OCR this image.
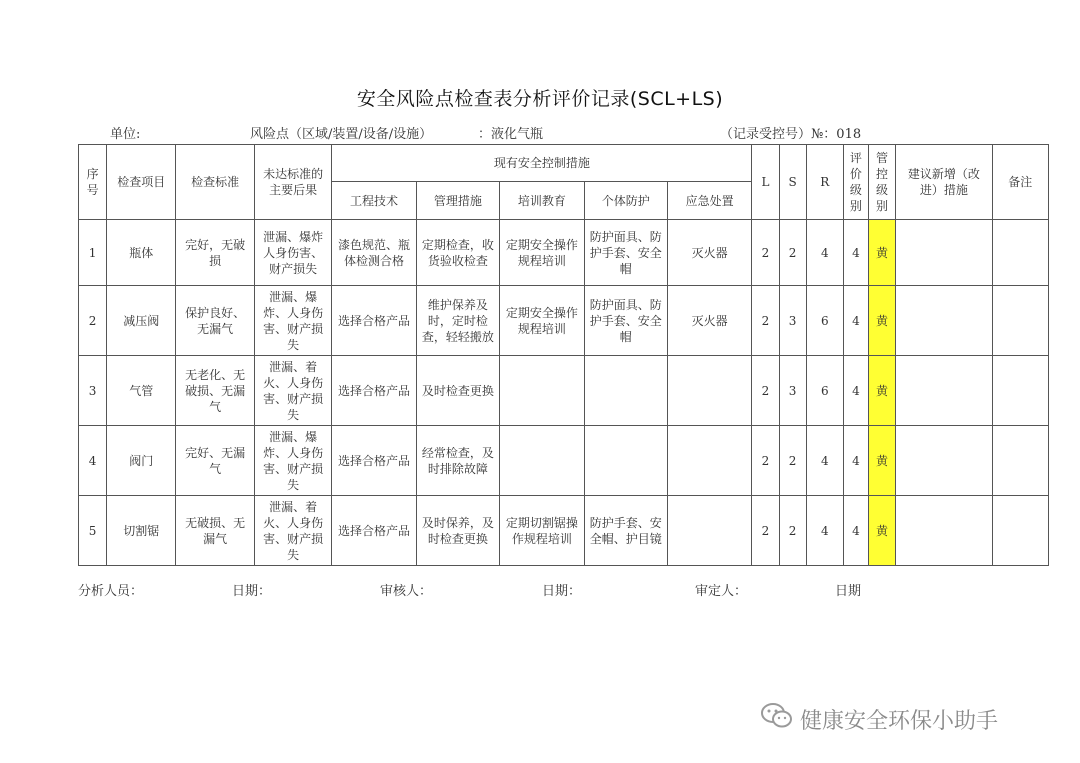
安全风险点检查表分析评价记录(SCL+LS)
单位:	风险点（区域/装置/设备/设施）	：液化气瓶	（记录受控号）№：018
序号	检查项目	检查标准	未达标准的主要后果	现有安全控制措施					L	S	R	评价级别	管控级别	建议新增（改进）措施	备注
				工程技术	管理措施	培训教育	个体防护	应急处置							
1	瓶体	完好，无破损	泄漏、爆炸人身伤害、财产损失	漆色规范、瓶体检测合格	定期检查，收货验收检查	定期安全操作规程培训	防护面具、防护手套、安全帽	灭火器	2	2	4	4	黄		
2	减压阀	保护良好、无漏气	泄漏、爆炸、人身伤害、财产损失	选择合格产品	维护保养及时，定时检查，轻轻搬放	定期安全操作规程培训	防护面具、防护手套、安全帽	灭火器	2	3	6	4	黄		
3	气管	无老化、无破损、无漏气	泄漏、着火、人身伤害、财产损失	选择合格产品	及时检查更换				2	3	6	4	黄		
4	阀门	完好、无漏气	泄漏、爆炸、人身伤害、财产损失	选择合格产品	经常检查，及时排除故障				2	2	4	4	黄		
5	切割锯	无破损、无漏气	泄漏、着火、人身伤害、财产损失	选择合格产品	及时保养，及时检查更换	定期切割锯操作规程培训	防护手套、安全帽、护目镜		2	2	4	4	黄		
分析人员：	日期：	审核人：	日期：	审定人：	日期
健康安全环保小助手
